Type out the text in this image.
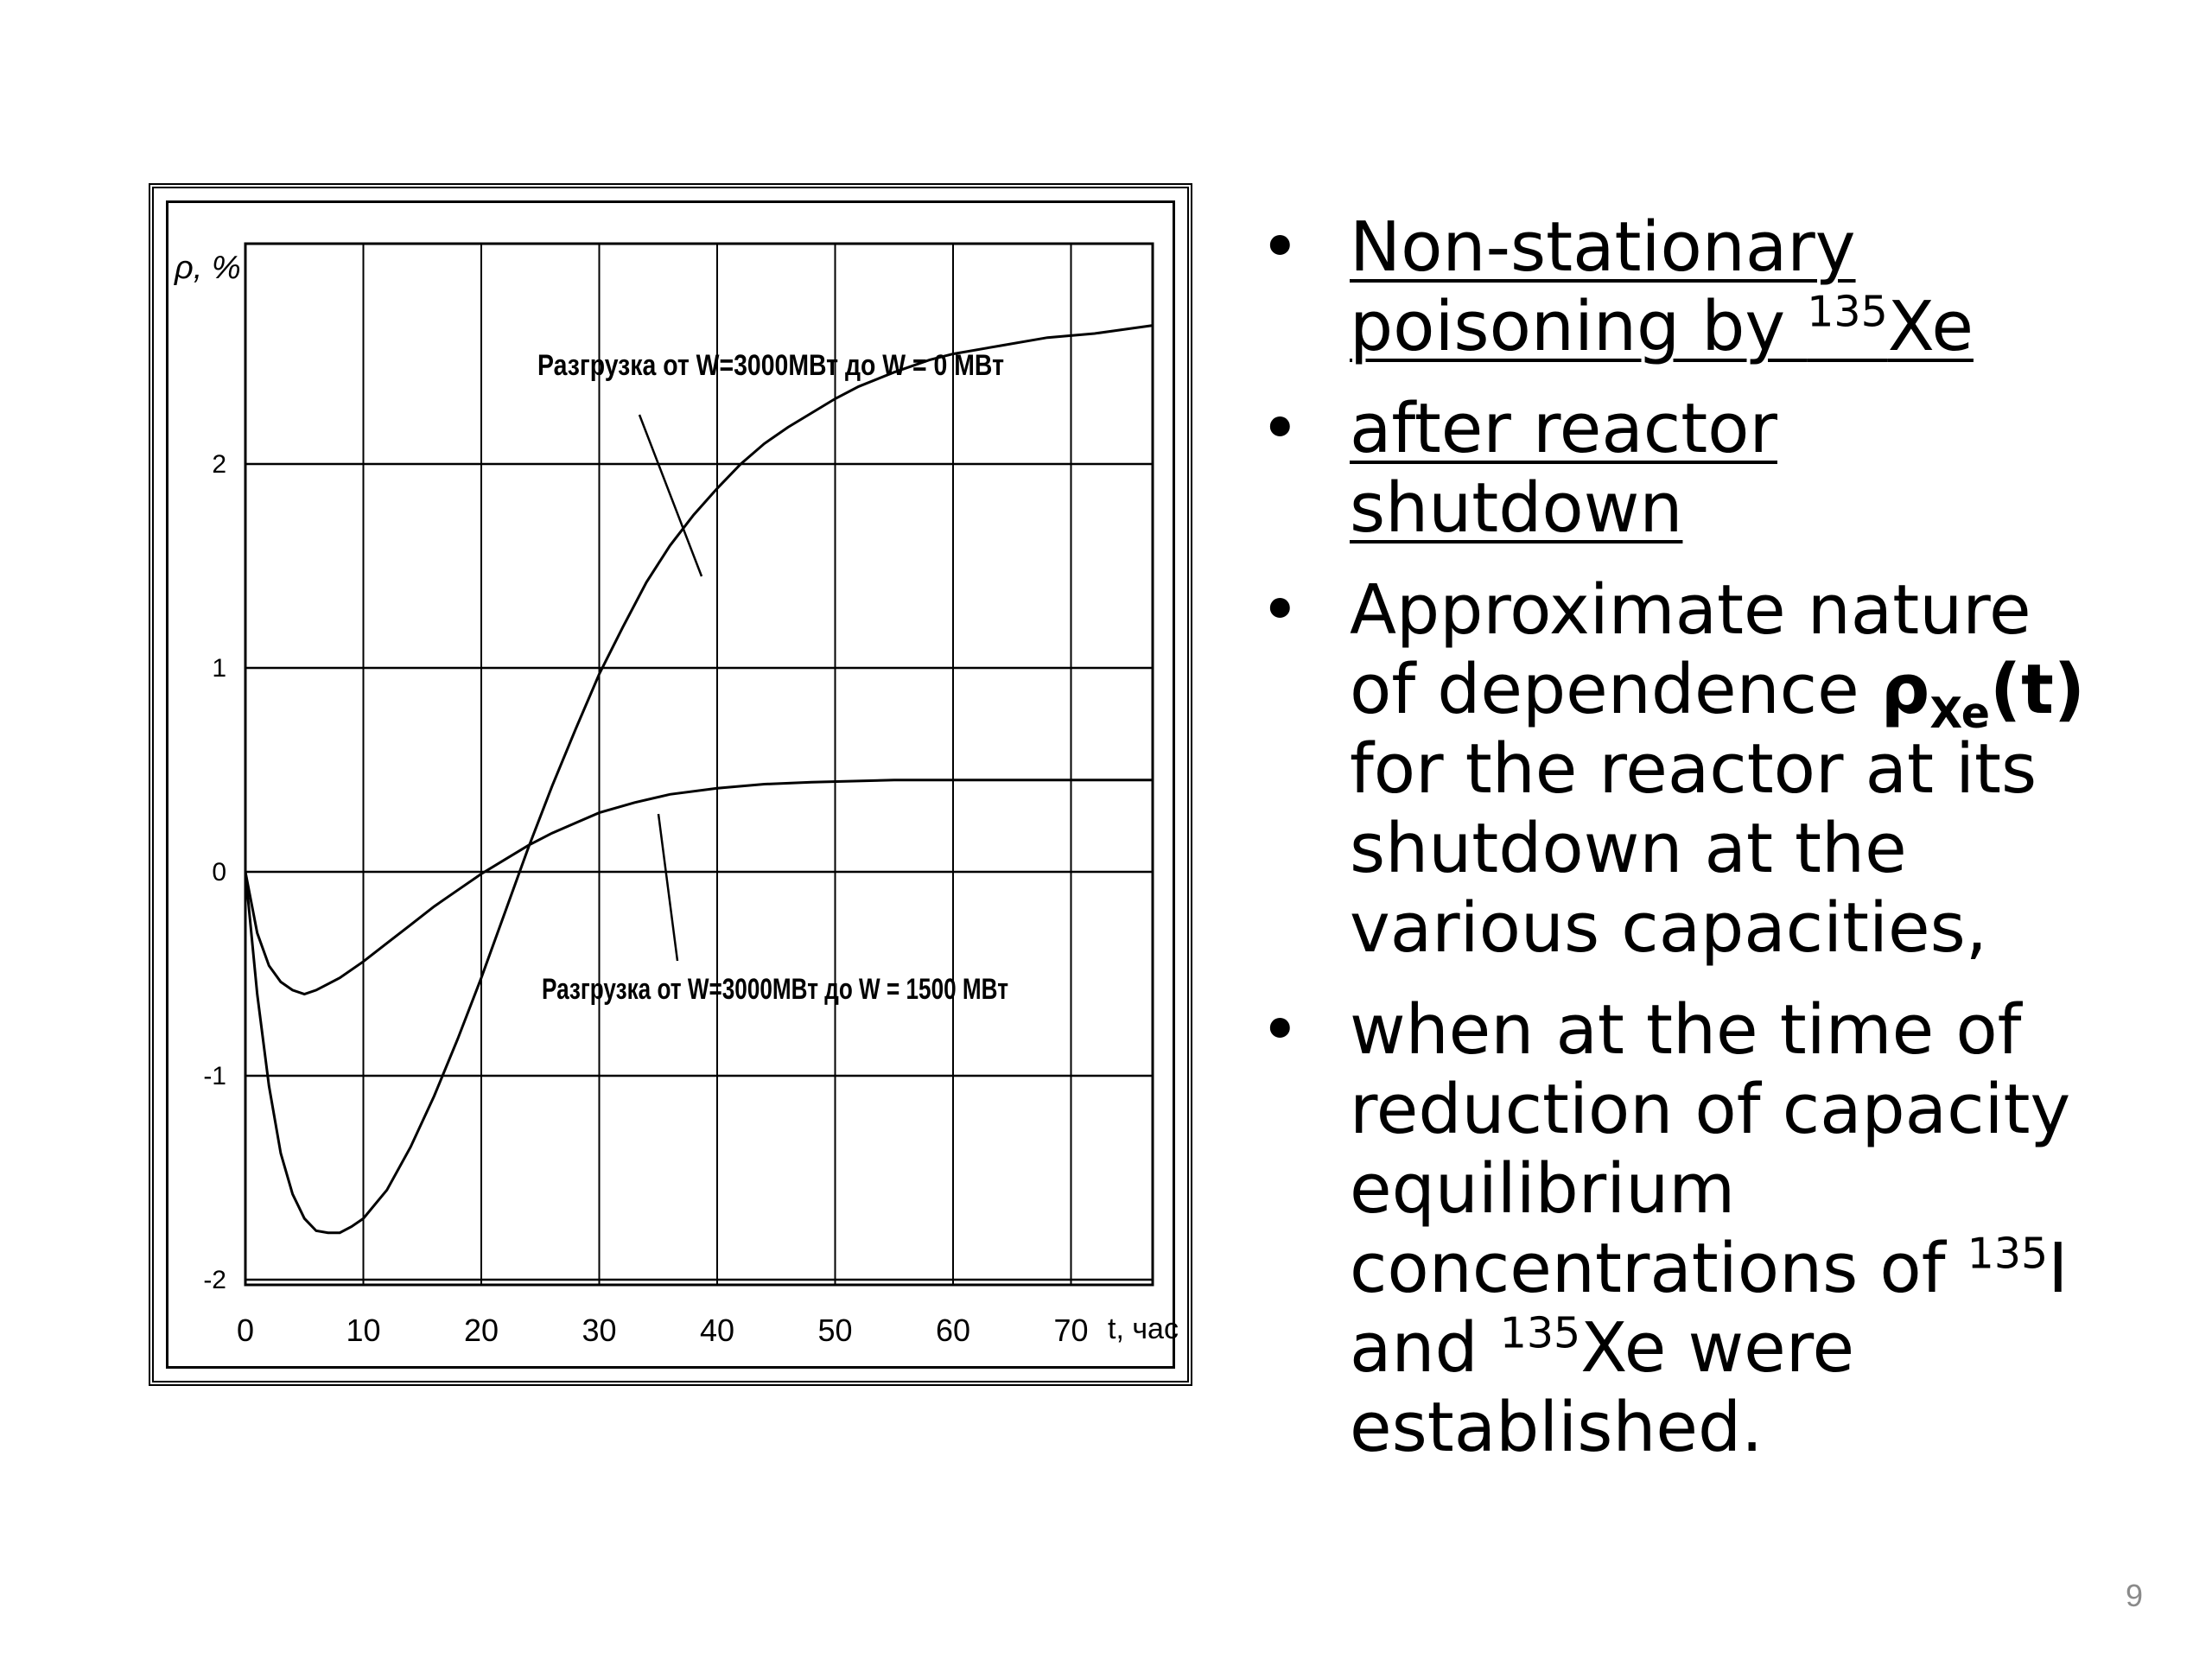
-2
-1
0
1
2
0	10	20	30	40	50	60	70
ρ, %
t, час
Разгрузка от W=3000МВт до W = 0 МВт
Разгрузка от W=3000МВт до W = 1500 МВт
• Non-stationary
poisoning by $^{135}$Xe
• after reactor
shutdown
• Approximate nature
of dependence $\rho_{Xe}(t)$
for the reactor at its
shutdown at the
various capacities,
• when at the time of
reduction of capacity
equilibrium
concentrations of $^{135}$I
and $^{135}$Xe were
established.
9
